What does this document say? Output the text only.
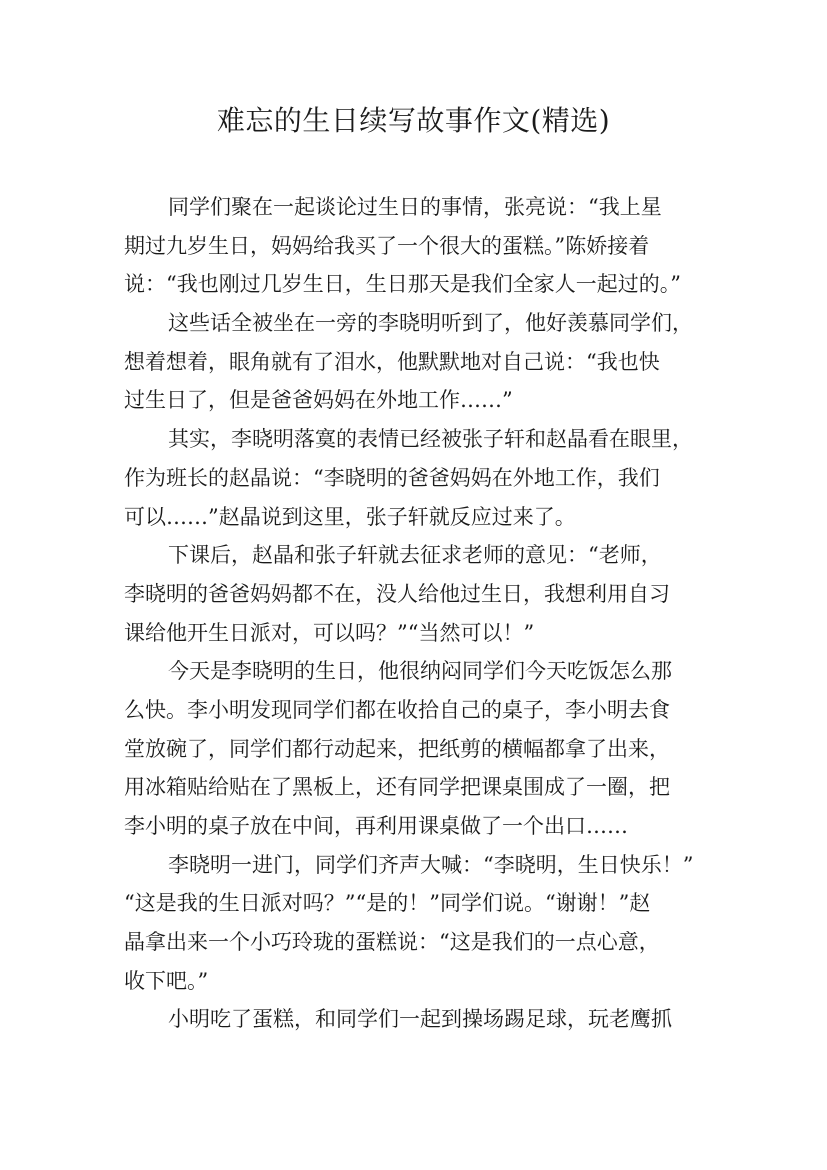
难忘的生日续写故事作文(精选)
同学们聚在一起谈论过生日的事情，张亮说：“我上星
期过九岁生日，妈妈给我买了一个很大的蛋糕。”陈娇接着
说：“我也刚过几岁生日，生日那天是我们全家人一起过的。”
这些话全被坐在一旁的李晓明听到了，他好羡慕同学们，
想着想着，眼角就有了泪水，他默默地对自己说：“我也快
过生日了，但是爸爸妈妈在外地工作……”
其实，李晓明落寞的表情已经被张子轩和赵晶看在眼里，
作为班长的赵晶说：“李晓明的爸爸妈妈在外地工作，我们
可以……”赵晶说到这里，张子轩就反应过来了。
下课后，赵晶和张子轩就去征求老师的意见：“老师，
李晓明的爸爸妈妈都不在，没人给他过生日，我想利用自习
课给他开生日派对，可以吗？”“当然可以！”
今天是李晓明的生日，他很纳闷同学们今天吃饭怎么那
么快。李小明发现同学们都在收拾自己的桌子，李小明去食
堂放碗了，同学们都行动起来，把纸剪的横幅都拿了出来，
用冰箱贴给贴在了黑板上，还有同学把课桌围成了一圈，把
李小明的桌子放在中间，再利用课桌做了一个出口……
李晓明一进门，同学们齐声大喊：“李晓明，生日快乐！”
“这是我的生日派对吗？”“是的！”同学们说。“谢谢！”赵
晶拿出来一个小巧玲珑的蛋糕说：“这是我们的一点心意，
收下吧。”
小明吃了蛋糕，和同学们一起到操场踢足球，玩老鹰抓
